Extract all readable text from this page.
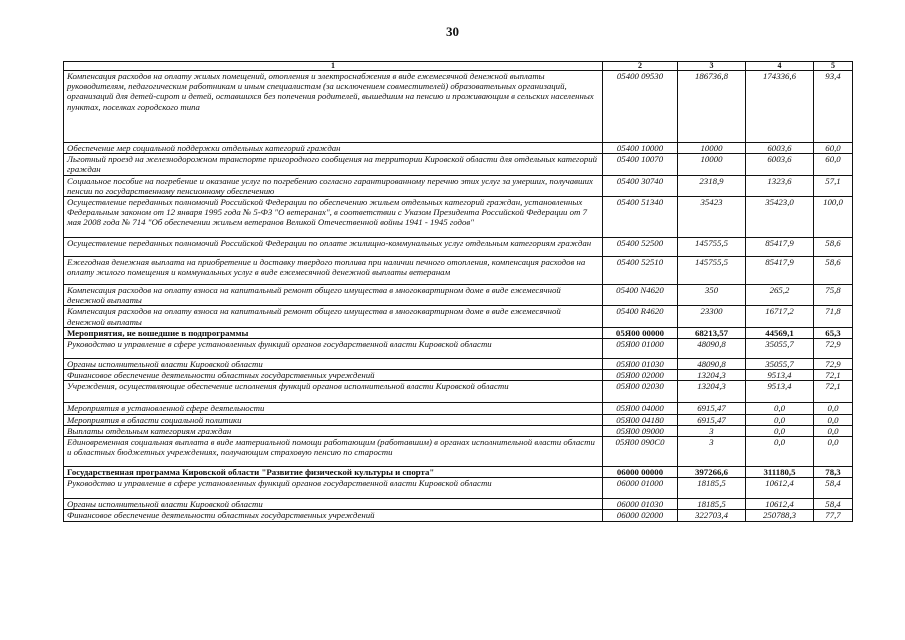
30
1	2	3	4	5
Компенсация расходов на оплату жилых помещений, отопления и электроснабжения в виде ежемесячной денежной выплаты руководителям, педагогическим работникам и иным специалистам (за исключением совместителей) образовательных организаций, организаций для детей-сирот и детей, оставшихся без попечения родителей, вышедшим на пенсию и проживающим в сельских населенных пунктах, поселках городского типа	05400 09530	186736,8	174336,6	93,4
Обеспечение мер социальной поддержки отдельных категорий граждан	05400 10000	10000	6003,6	60,0
Льготный проезд на железнодорожном транспорте пригородного сообщения на территории Кировской области для отдельных категорий граждан	05400 10070	10000	6003,6	60,0
Социальное пособие на погребение и оказание услуг по погребению согласно гарантированному перечню этих услуг за умерших, получавших пенсии по государственному пенсионному обеспечению	05400 30740	2318,9	1323,6	57,1
Осуществление переданных полномочий Российской Федерации по обеспечению жильем отдельных категорий граждан, установленных Федеральным законом от 12 января 1995 года № 5-ФЗ "О ветеранах", в соответствии с Указом Президента Российской Федерации от 7 мая 2008 года № 714 "Об обеспечении жильем ветеранов Великой Отечественной войны 1941 - 1945 годов"	05400 51340	35423	35423,0	100,0
Осуществление переданных полномочий Российской Федерации по оплате жилищно-коммунальных услуг отдельным категориям граждан	05400 52500	145755,5	85417,9	58,6
Ежегодная денежная выплата на приобретение и доставку твердого топлива при наличии печного отопления, компенсация расходов на оплату жилого помещения и коммунальных услуг в виде ежемесячной денежной выплаты ветеранам	05400 52510	145755,5	85417,9	58,6
Компенсация расходов на оплату взноса на капитальный ремонт общего имущества в многоквартирном доме в виде ежемесячной денежной выплаты	05400 N4620	350	265,2	75,8
Компенсация расходов на оплату взноса на капитальный ремонт общего имущества в многоквартирном доме в виде ежемесячной денежной выплаты	05400 R4620	23300	16717,2	71,8
Мероприятия, не вошедшие в подпрограммы	05Я00 00000	68213,57	44569,1	65,3
Руководство и управление в сфере установленных функций органов государственной власти Кировской области	05Я00 01000	48090,8	35055,7	72,9
Органы исполнительной власти Кировской области	05Я00 01030	48090,8	35055,7	72,9
Финансовое обеспечение деятельности областных государственных учреждений	05Я00 02000	13204,3	9513,4	72,1
Учреждения, осуществляющие обеспечение исполнения функций органов исполнительной власти Кировской области	05Я00 02030	13204,3	9513,4	72,1
Мероприятия в установленной сфере деятельности	05Я00 04000	6915,47	0,0	0,0
Мероприятия в области социальной политики	05Я00 04180	6915,47	0,0	0,0
Выплаты отдельным категориям граждан	05Я00 09000	3	0,0	0,0
Единовременная социальная выплата в виде материальной помощи работающим (работавшим) в органах исполнительной власти области и областных бюджетных учреждениях, получающим страховую пенсию по старости	05Я00 090С0	3	0,0	0,0
Государственная программа Кировской области "Развитие физической культуры и спорта"	06000 00000	397266,6	311180,5	78,3
Руководство и управление в сфере установленных функций органов государственной власти Кировской области	06000 01000	18185,5	10612,4	58,4
Органы исполнительной власти Кировской области	06000 01030	18185,5	10612,4	58,4
Финансовое обеспечение деятельности областных государственных учреждений	06000 02000	322703,4	250788,3	77,7
